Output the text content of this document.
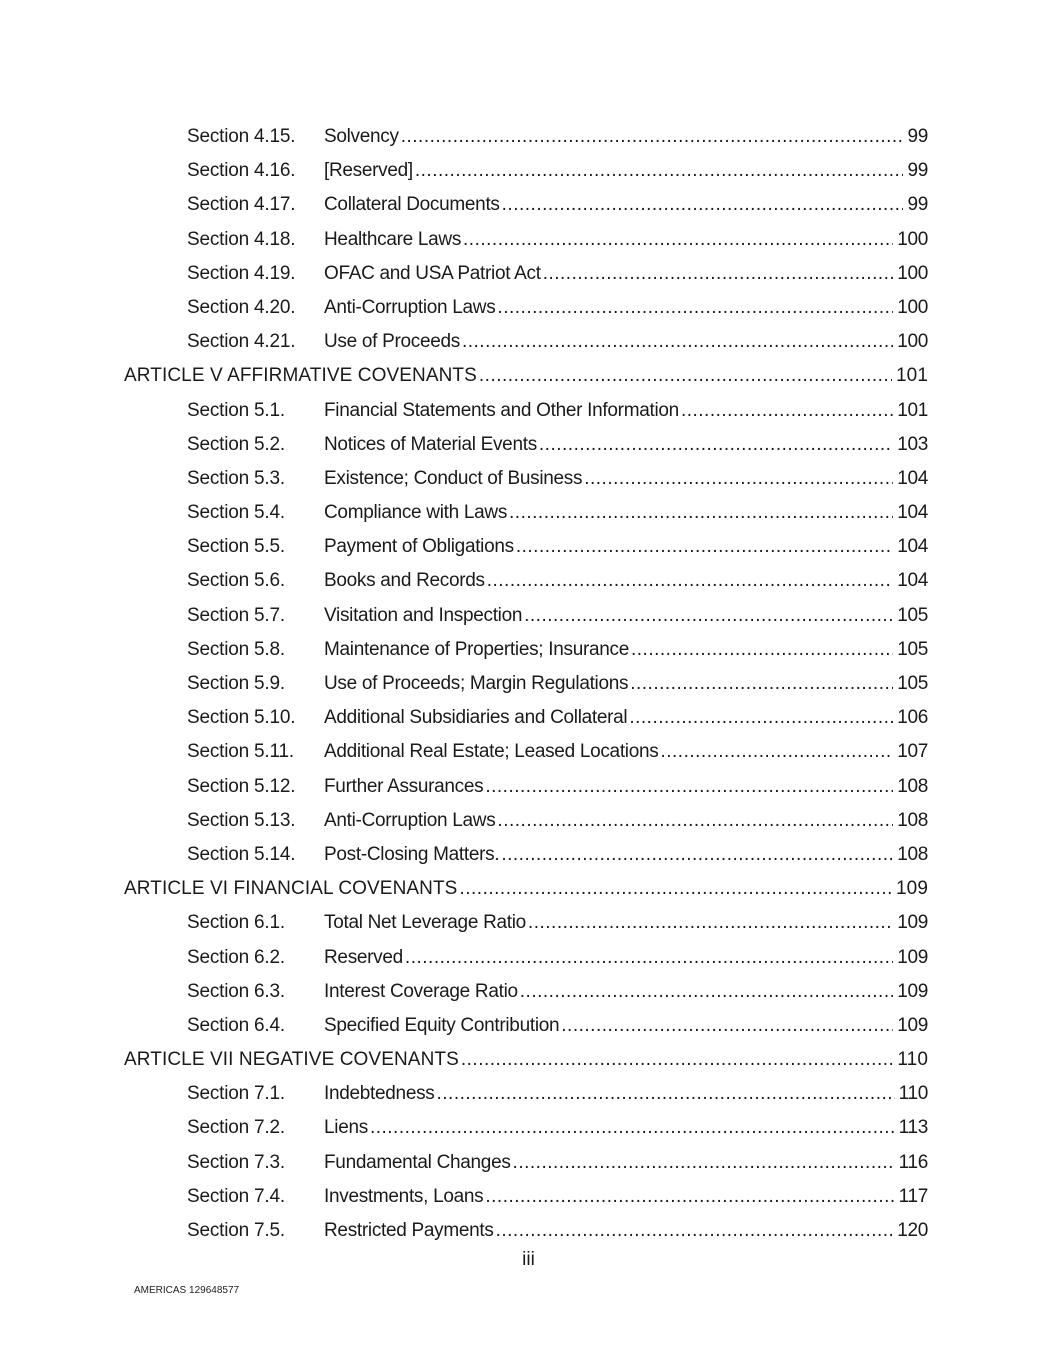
Section 4.15. Solvency .....	99
Section 4.16. [Reserved] .....	99
Section 4.17. Collateral Documents .....	99
Section 4.18. Healthcare Laws .....	100
Section 4.19. OFAC and USA Patriot Act .....	100
Section 4.20. Anti-Corruption Laws .....	100
Section 4.21. Use of Proceeds .....	100
ARTICLE V AFFIRMATIVE COVENANTS .....	101
Section 5.1. Financial Statements and Other Information .....	101
Section 5.2. Notices of Material Events .....	103
Section 5.3. Existence; Conduct of Business .....	104
Section 5.4. Compliance with Laws .....	104
Section 5.5. Payment of Obligations .....	104
Section 5.6. Books and Records .....	104
Section 5.7. Visitation and Inspection .....	105
Section 5.8. Maintenance of Properties; Insurance .....	105
Section 5.9. Use of Proceeds; Margin Regulations .....	105
Section 5.10. Additional Subsidiaries and Collateral .....	106
Section 5.11. Additional Real Estate; Leased Locations .....	107
Section 5.12. Further Assurances .....	108
Section 5.13. Anti-Corruption Laws .....	108
Section 5.14. Post-Closing Matters. .....	108
ARTICLE VI FINANCIAL COVENANTS .....	109
Section 6.1. Total Net Leverage Ratio .....	109
Section 6.2. Reserved .....	109
Section 6.3. Interest Coverage Ratio .....	109
Section 6.4. Specified Equity Contribution .....	109
ARTICLE VII NEGATIVE COVENANTS .....	110
Section 7.1. Indebtedness .....	110
Section 7.2. Liens .....	113
Section 7.3. Fundamental Changes .....	116
Section 7.4. Investments, Loans .....	117
Section 7.5. Restricted Payments .....	120
iii
AMERICAS 129648577
